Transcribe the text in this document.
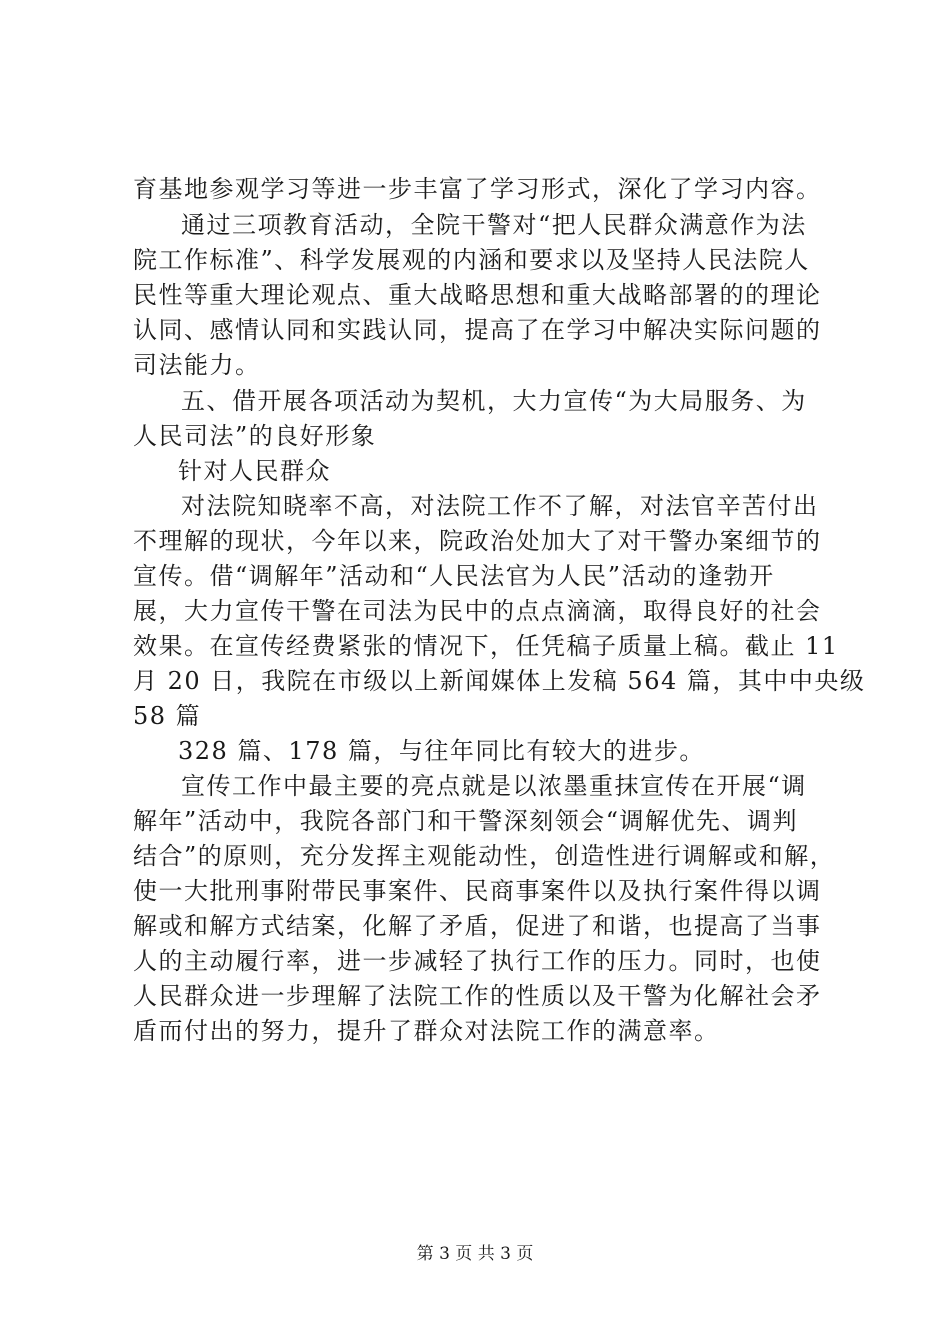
育基地参观学习等进一步丰富了学习形式，深化了学习内容。
通过三项教育活动，全院干警对“把人民群众满意作为法
院工作标准”、科学发展观的内涵和要求以及坚持人民法院人
民性等重大理论观点、重大战略思想和重大战略部署的的理论
认同、感情认同和实践认同，提高了在学习中解决实际问题的
司法能力。
五、借开展各项活动为契机，大力宣传“为大局服务、为
人民司法”的良好形象
针对人民群众
对法院知晓率不高，对法院工作不了解，对法官辛苦付出
不理解的现状，今年以来，院政治处加大了对干警办案细节的
宣传。借“调解年”活动和“人民法官为人民”活动的逢勃开
展，大力宣传干警在司法为民中的点点滴滴，取得良好的社会
效果。在宣传经费紧张的情况下，任凭稿子质量上稿。截止 11
月 20 日，我院在市级以上新闻媒体上发稿 564 篇，其中中央级
58 篇
328 篇、178 篇，与往年同比有较大的进步。
宣传工作中最主要的亮点就是以浓墨重抹宣传在开展“调
解年”活动中，我院各部门和干警深刻领会“调解优先、调判
结合”的原则，充分发挥主观能动性，创造性进行调解或和解，
使一大批刑事附带民事案件、民商事案件以及执行案件得以调
解或和解方式结案，化解了矛盾，促进了和谐，也提高了当事
人的主动履行率，进一步减轻了执行工作的压力。同时，也使
人民群众进一步理解了法院工作的性质以及干警为化解社会矛
盾而付出的努力，提升了群众对法院工作的满意率。
第 3 页 共 3 页
